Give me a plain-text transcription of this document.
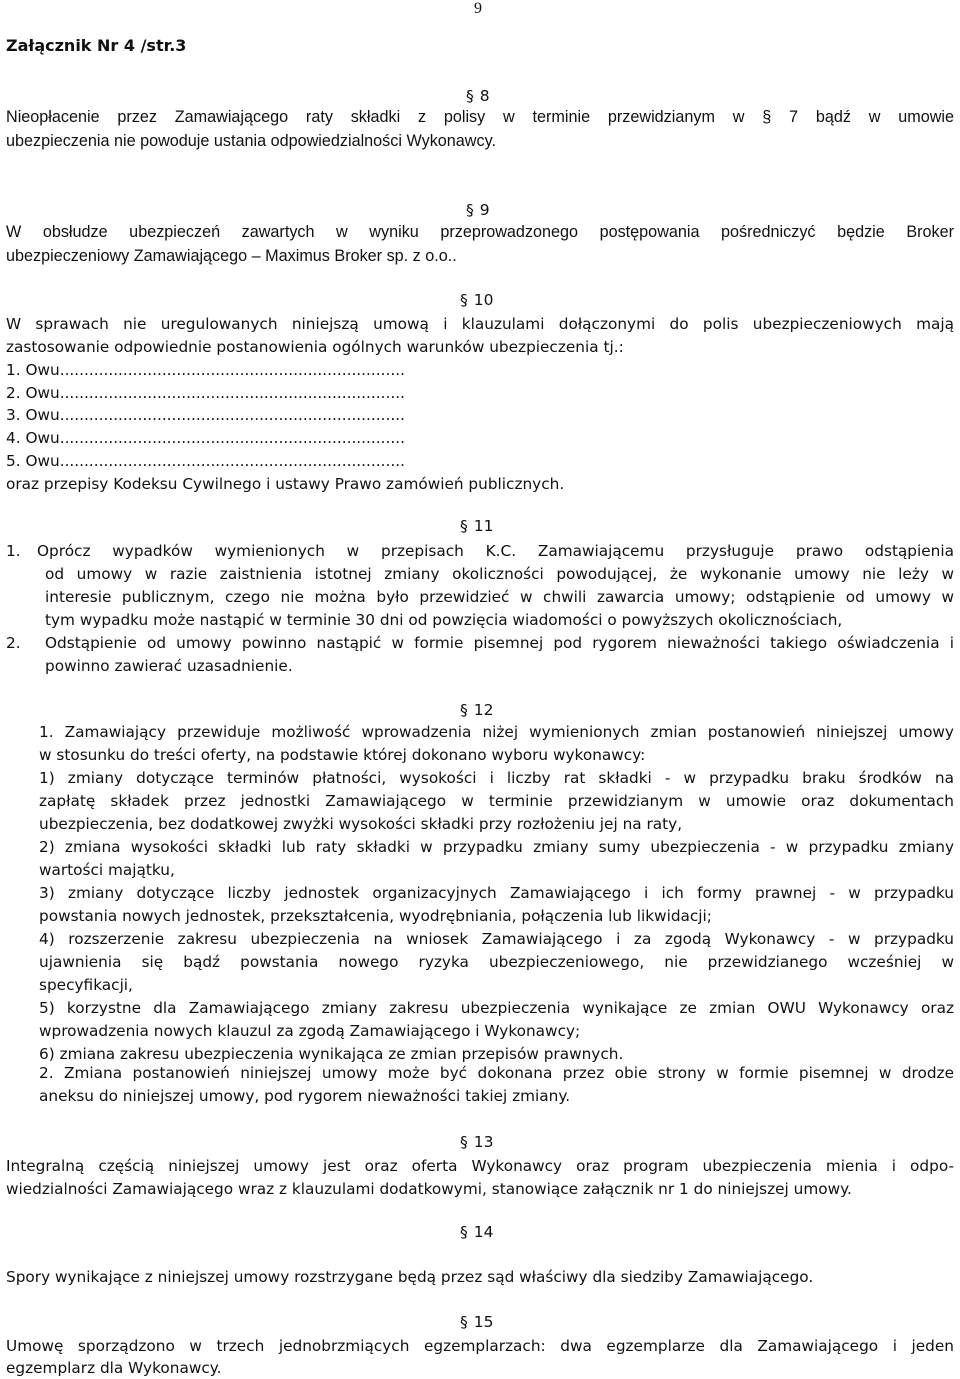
9
Załącznik Nr 4 /str.3
§ 8
Nieopłacenie przez Zamawiającego raty składki z polisy w terminie przewidzianym w § 7 bądź w umowie
ubezpieczenia nie powoduje ustania odpowiedzialności Wykonawcy.
§ 9
W obsłudze ubezpieczeń zawartych w wyniku przeprowadzonego postępowania pośredniczyć będzie Broker
ubezpieczeniowy Zamawiającego – Maximus Broker sp. z o.o..
§ 10
W sprawach nie uregulowanych niniejszą umową i klauzulami dołączonymi do polis ubezpieczeniowych mają
zastosowanie odpowiednie postanowienia ogólnych warunków ubezpieczenia tj.:
1. Owu.......................................................................
2. Owu.......................................................................
3. Owu.......................................................................
4. Owu.......................................................................
5. Owu.......................................................................
oraz przepisy Kodeksu Cywilnego i ustawy Prawo zamówień publicznych.
§ 11
1.	Oprócz wypadków wymienionych w przepisach K.C. Zamawiającemu przysługuje prawo odstąpienia
od umowy w razie zaistnienia istotnej zmiany okoliczności powodującej, że wykonanie umowy nie leży w
interesie publicznym, czego nie można było przewidzieć w chwili zawarcia umowy; odstąpienie od umowy w
tym wypadku może nastąpić w terminie 30 dni od powzięcia wiadomości o powyższych okolicznościach,
2.	Odstąpienie od umowy powinno nastąpić w formie pisemnej pod rygorem nieważności takiego oświadczenia i
powinno zawierać uzasadnienie.
§ 12
1. Zamawiający przewiduje możliwość wprowadzenia niżej wymienionych zmian postanowień niniejszej umowy
w stosunku do treści oferty, na podstawie której dokonano wyboru wykonawcy:
1) zmiany dotyczące terminów płatności, wysokości i liczby rat składki - w przypadku braku środków na
zapłatę składek przez jednostki Zamawiającego w terminie przewidzianym w umowie oraz dokumentach
ubezpieczenia, bez dodatkowej zwyżki wysokości składki przy rozłożeniu jej na raty,
2) zmiana wysokości składki lub raty składki w przypadku zmiany sumy ubezpieczenia - w przypadku zmiany
wartości majątku,
3) zmiany dotyczące liczby jednostek organizacyjnych Zamawiającego i ich formy prawnej - w przypadku
powstania nowych jednostek, przekształcenia, wyodrębniania, połączenia lub likwidacji;
4) rozszerzenie zakresu ubezpieczenia na wniosek Zamawiającego i za zgodą Wykonawcy - w przypadku
ujawnienia się bądź powstania nowego ryzyka ubezpieczeniowego, nie przewidzianego wcześniej w
specyfikacji,
5) korzystne dla Zamawiającego zmiany zakresu ubezpieczenia wynikające ze zmian OWU Wykonawcy oraz
wprowadzenia nowych klauzul za zgodą Zamawiającego i Wykonawcy;
6) zmiana zakresu ubezpieczenia wynikająca ze zmian przepisów prawnych.
2. Zmiana postanowień niniejszej umowy może być dokonana przez obie strony w formie pisemnej w drodze
aneksu do niniejszej umowy, pod rygorem nieważności takiej zmiany.
§ 13
Integralną częścią niniejszej umowy jest oraz oferta Wykonawcy oraz program ubezpieczenia mienia i odpo-
wiedzialności Zamawiającego wraz z klauzulami dodatkowymi, stanowiące załącznik nr 1 do niniejszej umowy.
§ 14
Spory wynikające z niniejszej umowy rozstrzygane będą przez sąd właściwy dla siedziby Zamawiającego.
§ 15
Umowę sporządzono w trzech jednobrzmiących egzemplarzach: dwa egzemplarze dla Zamawiającego i jeden
egzemplarz dla Wykonawcy.
